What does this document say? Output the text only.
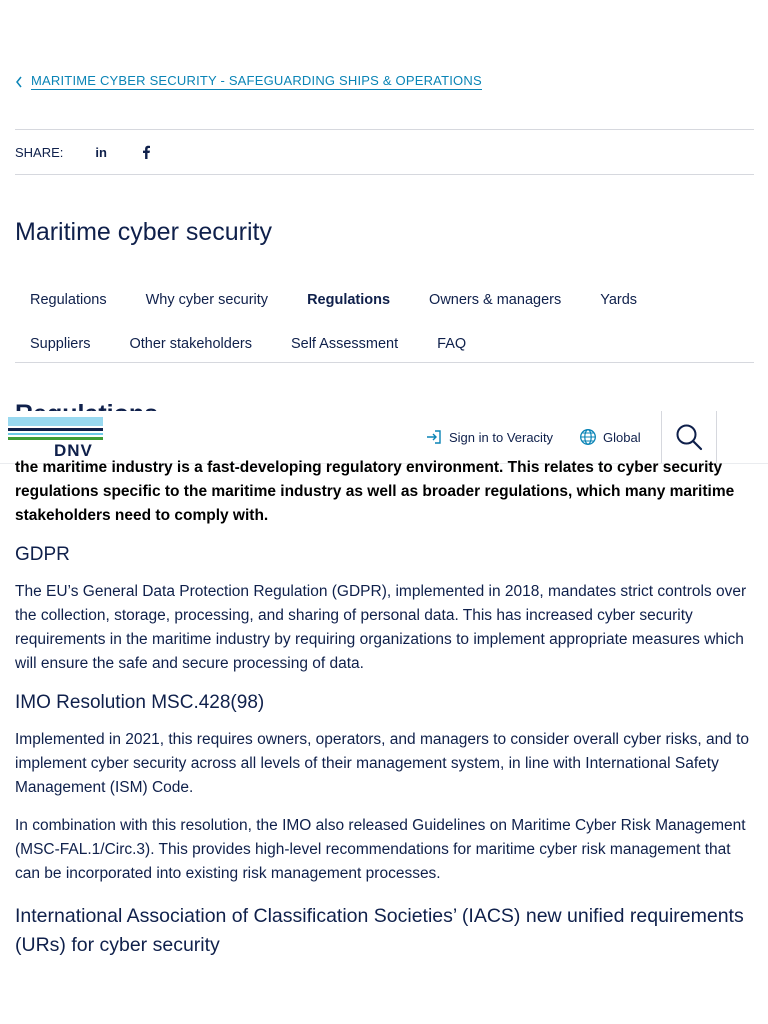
MARITIME CYBER SECURITY - SAFEGUARDING SHIPS & OPERATIONS
SHARE: in
Maritime cyber security
Regulations	Why cyber security	Regulations	Owners & managers	Yards
Suppliers	Other stakeholders	Self Assessment	FAQ
DNV
Sign in to Veracity	Global

the maritime industry is a fast-developing regulatory environment. This relates to cyber security regulations specific to the maritime industry as well as broader regulations, which many maritime stakeholders need to comply with.

GDPR

The EU’s General Data Protection Regulation (GDPR), implemented in 2018, mandates strict controls over the collection, storage, processing, and sharing of personal data. This has increased cyber security requirements in the maritime industry by requiring organizations to implement appropriate measures which will ensure the safe and secure processing of data.

IMO Resolution MSC.428(98)

Implemented in 2021, this requires owners, operators, and managers to consider overall cyber risks, and to implement cyber security across all levels of their management system, in line with International Safety Management (ISM) Code.

In combination with this resolution, the IMO also released Guidelines on Maritime Cyber Risk Management (MSC-FAL.1/Circ.3). This provides high-level recommendations for maritime cyber risk management that can be incorporated into existing risk management processes.

International Association of Classification Societies’ (IACS) new unified requirements (URs) for cyber security
